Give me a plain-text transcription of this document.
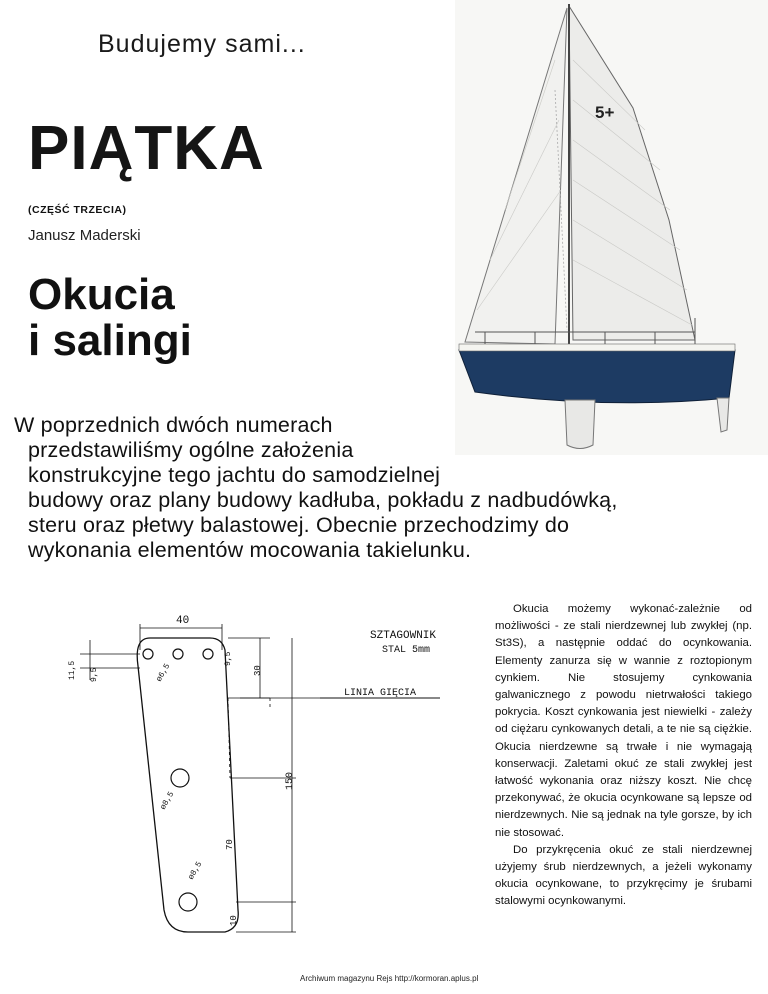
Budujemy sami...
PIĄTKA
(CZĘŚĆ TRZECIA)
Janusz Maderski
Okucia
i salingi
W poprzednich dwóch numerach
przedstawiliśmy ogólne założenia
konstrukcyjne tego jachtu do samodzielnej
budowy oraz plany budowy kadłuba, pokładu z nadbudówką,
steru oraz płetwy balastowej. Obecnie przechodzimy do
wykonania elementów mocowania takielunku.
5+
SZTAGOWNIK
STAL 5mm
LINIA GIĘCIA
40
30
150
70
10
9,5
11,5 9,5	ø6,5
ø8,5
ø8,5

Okucia możemy wykonać-zależnie od możliwości - ze stali nierdzewnej lub zwykłej (np. St3S), a następnie oddać do ocynkowania. Elementy zanurza się w wannie z roztopionym cynkiem. Nie stosujemy cynkowania galwanicznego z powodu nietrwałości takiego pokrycia. Koszt cynkowania jest niewielki - zależy od ciężaru cynkowanych detali, a te nie są ciężkie. Okucia nierdzewne są trwałe i nie wymagają konserwacji. Zaletami okuć ze stali zwykłej jest łatwość wykonania oraz niższy koszt. Nie chcę przekonywać, że okucia ocynkowane są lepsze od nierdzewnych. Nie są jednak na tyle gorsze, by ich nie stosować.

Do przykręcenia okuć ze stali nierdzewnej użyjemy śrub nierdzewnych, a jeżeli wykonamy okucia ocynkowane, to przykręcimy je śrubami stalowymi ocynkowanymi.

Archiwum magazynu Rejs http://kormoran.aplus.pl
